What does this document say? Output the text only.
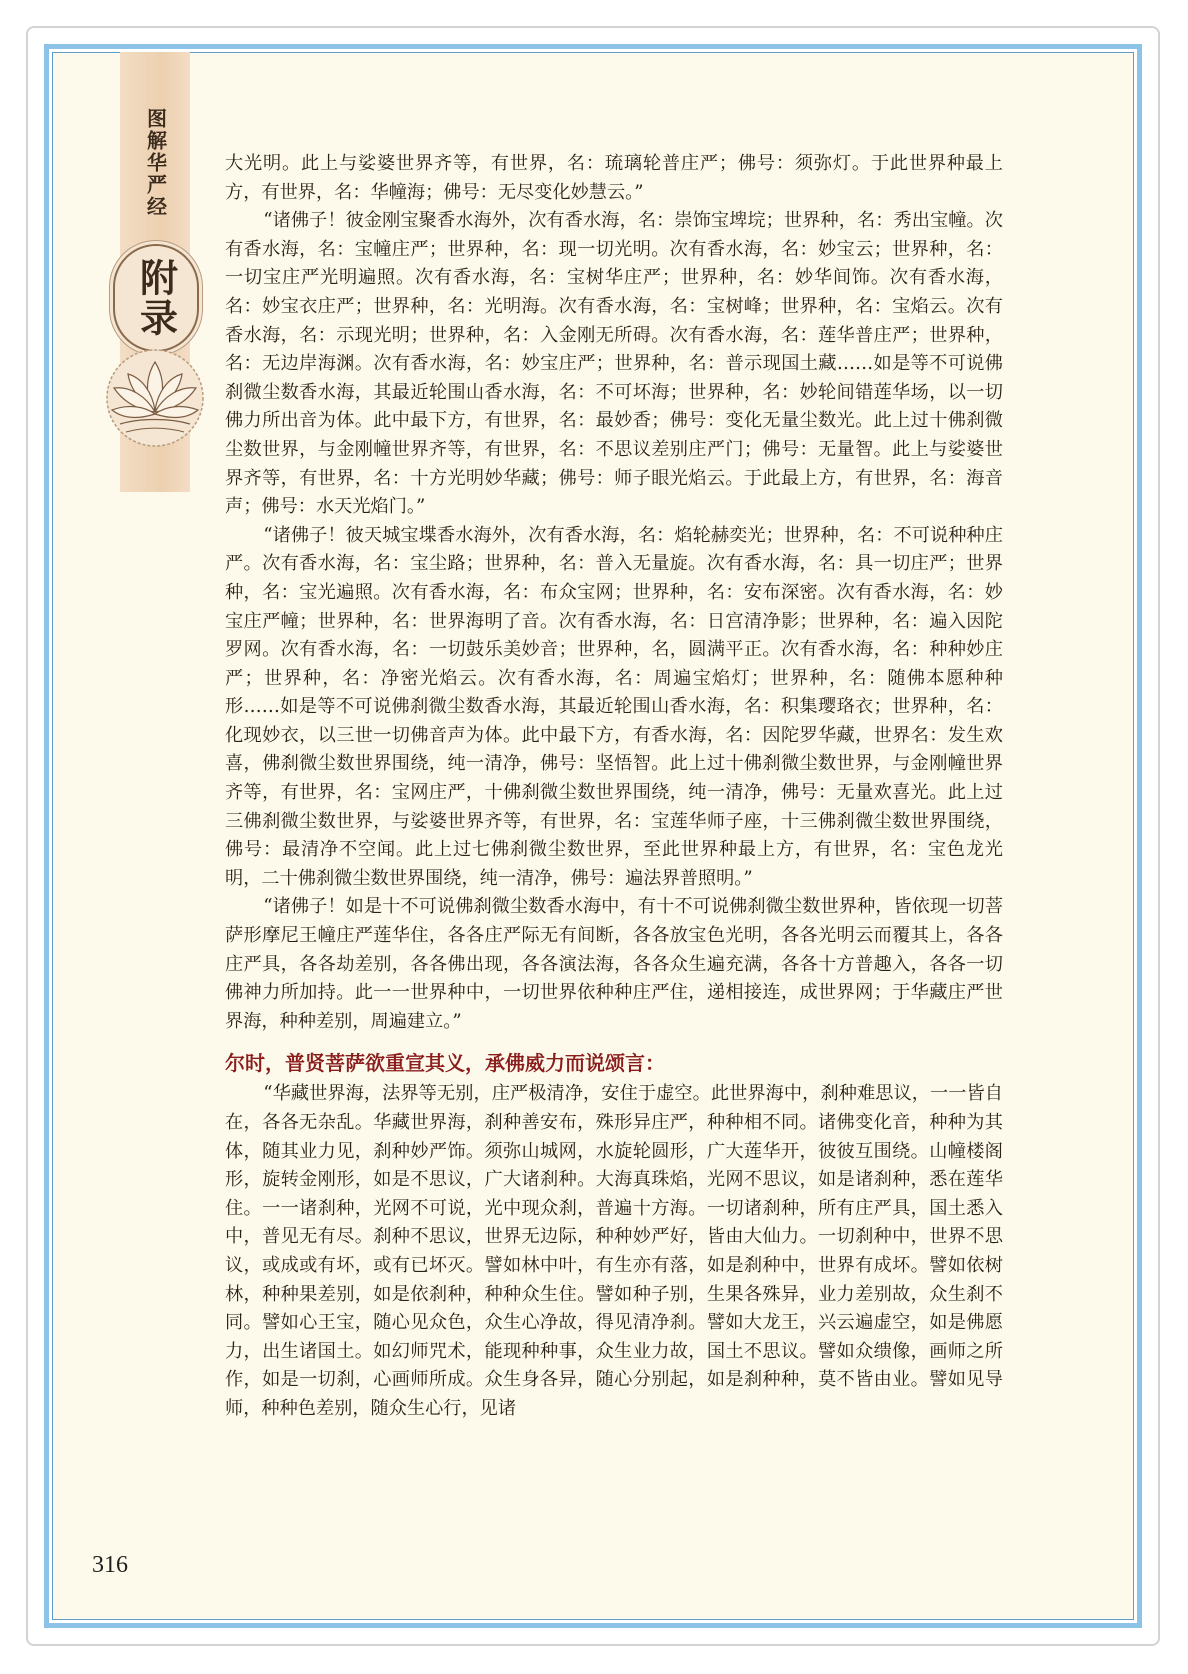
图解华严经
附录

大光明。此上与娑婆世界齐等，有世界，名：琉璃轮普庄严；佛号：须弥灯。于此世界种最上方，有世界，名：华幢海；佛号：无尽变化妙慧云。”

“诸佛子！彼金刚宝聚香水海外，次有香水海，名：崇饰宝埤垸；世界种，名：秀出宝幢。次有香水海，名：宝幢庄严；世界种，名：现一切光明。次有香水海，名：妙宝云；世界种，名：一切宝庄严光明遍照。次有香水海，名：宝树华庄严；世界种，名：妙华间饰。次有香水海，名：妙宝衣庄严；世界种，名：光明海。次有香水海，名：宝树峰；世界种，名：宝焰云。次有香水海，名：示现光明；世界种，名：入金刚无所碍。次有香水海，名：莲华普庄严；世界种，名：无边岸海渊。次有香水海，名：妙宝庄严；世界种，名：普示现国土藏……如是等不可说佛刹微尘数香水海，其最近轮围山香水海，名：不可坏海；世界种，名：妙轮间错莲华场，以一切佛力所出音为体。此中最下方，有世界，名：最妙香；佛号：变化无量尘数光。此上过十佛刹微尘数世界，与金刚幢世界齐等，有世界，名：不思议差别庄严门；佛号：无量智。此上与娑婆世界齐等，有世界，名：十方光明妙华藏；佛号：师子眼光焰云。于此最上方，有世界，名：海音声；佛号：水天光焰门。”

“诸佛子！彼天城宝堞香水海外，次有香水海，名：焰轮赫奕光；世界种，名：不可说种种庄严。次有香水海，名：宝尘路；世界种，名：普入无量旋。次有香水海，名：具一切庄严；世界种，名：宝光遍照。次有香水海，名：布众宝网；世界种，名：安布深密。次有香水海，名：妙宝庄严幢；世界种，名：世界海明了音。次有香水海，名：日宫清净影；世界种，名：遍入因陀罗网。次有香水海，名：一切鼓乐美妙音；世界种，名，圆满平正。次有香水海，名：种种妙庄严；世界种，名：净密光焰云。次有香水海，名：周遍宝焰灯；世界种，名：随佛本愿种种形……如是等不可说佛刹微尘数香水海，其最近轮围山香水海，名：积集璎珞衣；世界种，名：化现妙衣，以三世一切佛音声为体。此中最下方，有香水海，名：因陀罗华藏，世界名：发生欢喜，佛刹微尘数世界围绕，纯一清净，佛号：坚悟智。此上过十佛刹微尘数世界，与金刚幢世界齐等，有世界，名：宝网庄严，十佛刹微尘数世界围绕，纯一清净，佛号：无量欢喜光。此上过三佛刹微尘数世界，与娑婆世界齐等，有世界，名：宝莲华师子座，十三佛刹微尘数世界围绕，佛号：最清净不空闻。此上过七佛刹微尘数世界，至此世界种最上方，有世界，名：宝色龙光明，二十佛刹微尘数世界围绕，纯一清净，佛号：遍法界普照明。”

“诸佛子！如是十不可说佛刹微尘数香水海中，有十不可说佛刹微尘数世界种，皆依现一切菩萨形摩尼王幢庄严莲华住，各各庄严际无有间断，各各放宝色光明，各各光明云而覆其上，各各庄严具，各各劫差别，各各佛出现，各各演法海，各各众生遍充满，各各十方普趣入，各各一切佛神力所加持。此一一世界种中，一切世界依种种庄严住，递相接连，成世界网；于华藏庄严世界海，种种差别，周遍建立。”

尔时，普贤菩萨欲重宣其义，承佛威力而说颂言：

“华藏世界海，法界等无别，庄严极清净，安住于虚空。此世界海中，刹种难思议，一一皆自在，各各无杂乱。华藏世界海，刹种善安布，殊形异庄严，种种相不同。诸佛变化音，种种为其体，随其业力见，刹种妙严饰。须弥山城网，水旋轮圆形，广大莲华开，彼彼互围绕。山幢楼阁形，旋转金刚形，如是不思议，广大诸刹种。大海真珠焰，光网不思议，如是诸刹种，悉在莲华住。一一诸刹种，光网不可说，光中现众刹，普遍十方海。一切诸刹种，所有庄严具，国土悉入中，普见无有尽。刹种不思议，世界无边际，种种妙严好，皆由大仙力。一切刹种中，世界不思议，或成或有坏，或有已坏灭。譬如林中叶，有生亦有落，如是刹种中，世界有成坏。譬如依树林，种种果差别，如是依刹种，种种众生住。譬如种子别，生果各殊异，业力差别故，众生刹不同。譬如心王宝，随心见众色，众生心净故，得见清净刹。譬如大龙王，兴云遍虚空，如是佛愿力，出生诸国土。如幻师咒术，能现种种事，众生业力故，国土不思议。譬如众缋像，画师之所作，如是一切刹，心画师所成。众生身各异，随心分别起，如是刹种种，莫不皆由业。譬如见导师，种种色差别，随众生心行，见诸

316
